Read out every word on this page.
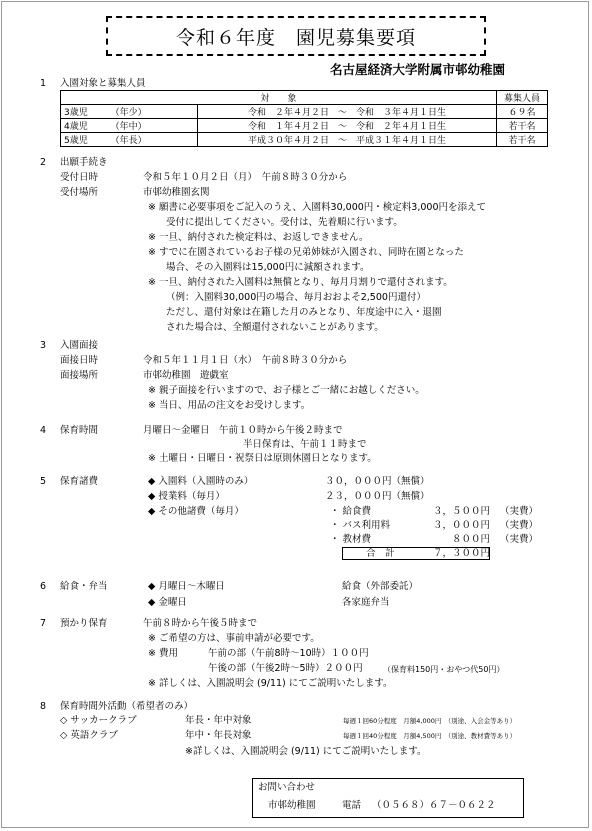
令和６年度　園児募集要項
名古屋経済大学附属市邨幼稚園
1 入園対象と募集人員
対　　象		募集人員
3歳児 （年少）	令和　２年４月２日　～　令和　３年４月１日生	６９名
4歳児 （年中）	令和　１年４月２日　～　令和　２年４月１日生	若干名
5歳児 （年長）	平成３０年４月２日　～　平成３１年４月１日生	若干名
2 出願手続き
受付日時	令和５年１０月２日（月）　午前８時３０分から
受付場所	市邨幼稚園玄関
※ 願書に必要事項をご記入のうえ、入園料30,000円・検定料3,000円を添えて
受付に提出してください。受付は、先着順に行います。
※ 一旦、納付された検定料は、お返しできません。
※ すでに在園されているお子様の兄弟姉妹が入園され、同時在園となった
場合、その入園料は15,000円に減額されます。
※ 一旦、納付された入園料は無償となり、毎月月割りで還付されます。
（例：入園料30,000円の場合、毎月おおよそ2,500円還付）
ただし、還付対象は在籍した月のみとなり、年度途中に入・退園
された場合は、全額還付されないことがあります。
3 入園面接
面接日時	令和５年１１月１日（水）　午前８時３０分から
面接場所	市邨幼稚園　遊戯室
※ 親子面接を行いますので、お子様とご一緒にお越しください。
※ 当日、用品の注文をお受けします。
4 保育時間	月曜日～金曜日　午前１０時から午後２時まで
半日保育は、午前１１時まで
※ 土曜日・日曜日・祝祭日は原則休園日となります。
5 保育諸費	◆ 入園料（入園時のみ）	３０，０００円（無償）
◆ 授業料（毎月）	２３，０００円（無償）
◆ その他諸費（毎月）	・ 給食費	３，５００円 （実費）
・ バス利用料	３，０００円 （実費）
・ 教材費	８００円 （実費）
合　計	７，３００円
6 給食・弁当	◆ 月曜日～木曜日	給食（外部委託）
◆ 金曜日	各家庭弁当
7 預かり保育	午前８時から午後５時まで
※ ご希望の方は、事前申請が必要です。
※ 費用	午前の部（午前8時～10時）１００円
午後の部（午後2時～5時）２００円	（保育料150円・おやつ代50円）
※ 詳しくは、入園説明会 (9/11) にてご説明いたします。
8 保育時間外活動（希望者のみ）
◇ サッカークラブ	年長・年中対象	毎週１回60分程度　月額4,000円　（別途、入会金等あり）
◇ 英語クラブ	年中・年長対象	毎週１回40分程度　月額4,500円　（別途、教材費等あり）
※詳しくは、入園説明会 (9/11) にてご説明いたします。
お問い合わせ
市邨幼稚園	電話 （０５６８）６７－０６２２
